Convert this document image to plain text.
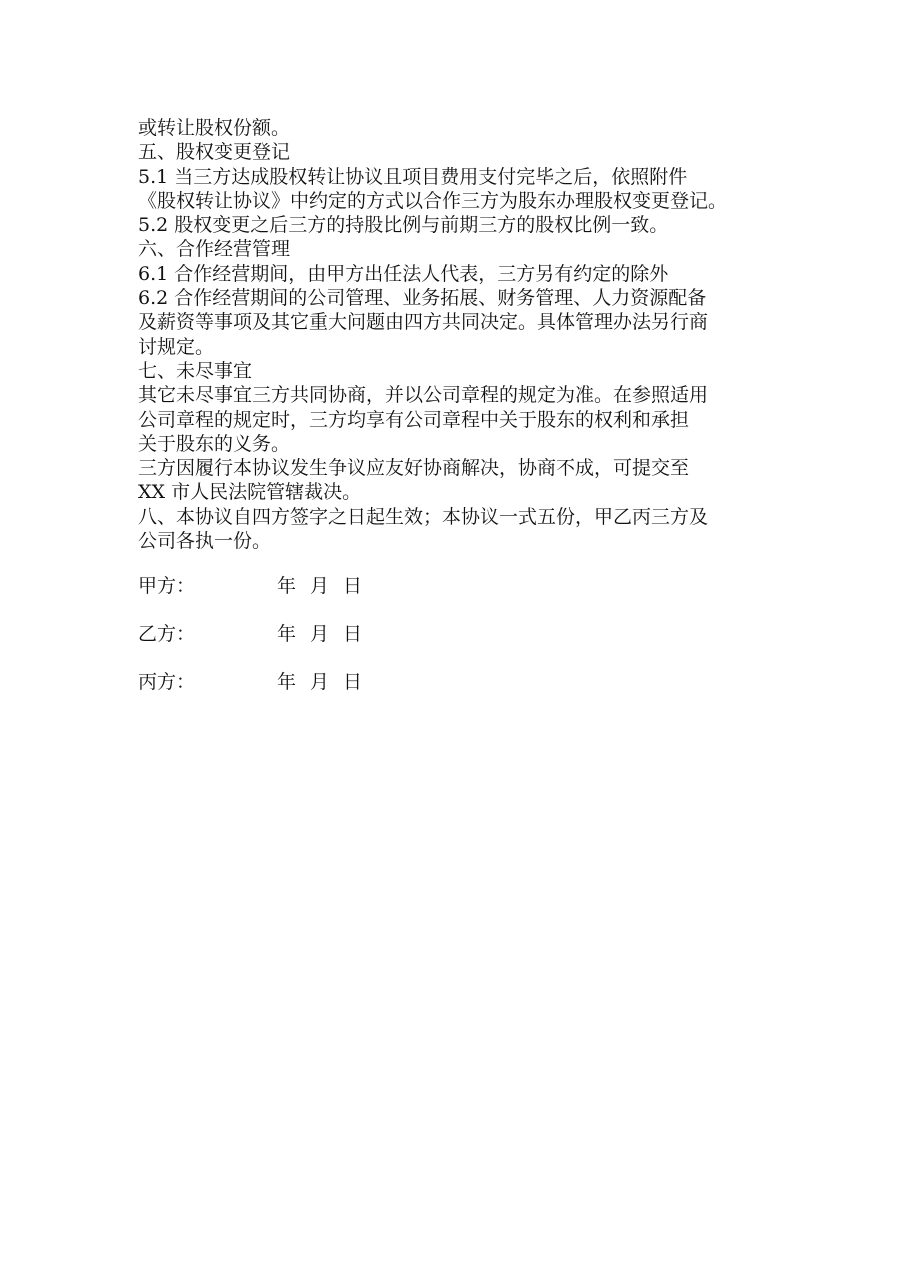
或转让股权份额。
五、股权变更登记
5.1 当三方达成股权转让协议且项目费用支付完毕之后，依照附件
《股权转让协议》中约定的方式以合作三方为股东办理股权变更登记。
5.2 股权变更之后三方的持股比例与前期三方的股权比例一致。
六、合作经营管理
6.1 合作经营期间，由甲方出任法人代表，三方另有约定的除外
6.2 合作经营期间的公司管理、业务拓展、财务管理、人力资源配备
及薪资等事项及其它重大问题由四方共同决定。具体管理办法另行商
讨规定。
七、未尽事宜
其它未尽事宜三方共同协商，并以公司章程的规定为准。在参照适用
公司章程的规定时，三方均享有公司章程中关于股东的权利和承担
关于股东的义务。
三方因履行本协议发生争议应友好协商解决，协商不成，可提交至
XX 市人民法院管辖裁决。
八、本协议自四方签字之日起生效；本协议一式五份，甲乙丙三方及
公司各执一份。
甲方：	年 月 日
乙方：	年 月 日
丙方：	年 月 日
